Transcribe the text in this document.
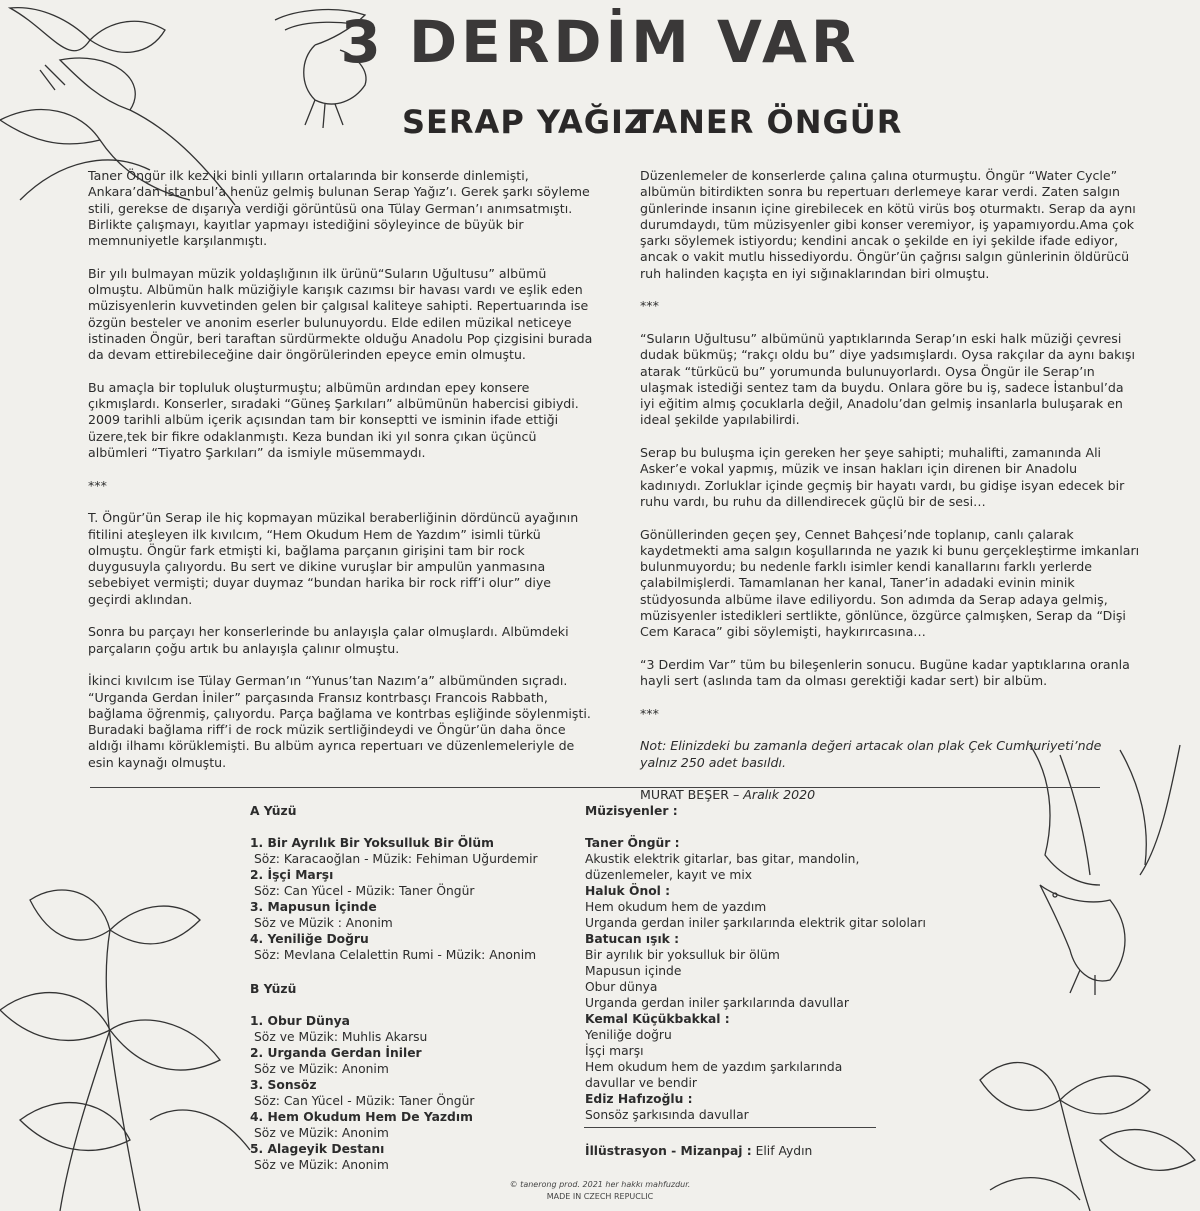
3 DERDİM VAR
SERAP YAĞIZ
TANER ÖNGÜR

Taner Öngür ilk kez iki binli yılların ortalarında bir konserde dinlemişti, Ankara’dan İstanbul’a henüz gelmiş bulunan Serap Yağız’ı. Gerek şarkı söyleme stili, gerekse de dışarıya verdiği görüntüsü ona Tülay German’ı anımsatmıştı. Birlikte çalışmayı, kayıtlar yapmayı istediğini söyleyince de büyük bir memnuniyetle karşılanmıştı.

Bir yılı bulmayan müzik yoldaşlığının ilk ürünü“Suların Uğultusu” albümü olmuştu. Albümün halk müziğiyle karışık cazımsı bir havası vardı ve eşlik eden müzisyenlerin kuvvetinden gelen bir çalgısal kaliteye sahipti. Repertuarında ise özgün besteler ve anonim eserler bulunuyordu. Elde edilen müzikal neticeye istinaden Öngür, beri taraftan sürdürmekte olduğu Anadolu Pop çizgisini burada da devam ettirebileceğine dair öngörülerinden epeyce emin olmuştu.

Bu amaçla bir topluluk oluşturmuştu; albümün ardından epey konsere çıkmışlardı. Konserler, sıradaki “Güneş Şarkıları” albümünün habercisi gibiydi. 2009 tarihli albüm içerik açısından tam bir konseptti ve isminin ifade ettiği üzere,tek bir fikre odaklanmıştı. Keza bundan iki yıl sonra çıkan üçüncü albümleri “Tiyatro Şarkıları” da ismiyle müsemmaydı.

***

T. Öngür’ün Serap ile hiç kopmayan müzikal beraberliğinin dördüncü ayağının fitilini ateşleyen ilk kıvılcım, “Hem Okudum Hem de Yazdım” isimli türkü olmuştu. Öngür fark etmişti ki, bağlama parçanın girişini tam bir rock duygusuyla çalıyordu. Bu sert ve dikine vuruşlar bir ampulün yanmasına sebebiyet vermişti; duyar duymaz “bundan harika bir rock riff’i olur” diye geçirdi aklından.

Sonra bu parçayı her konserlerinde bu anlayışla çalar olmuşlardı. Albümdeki parçaların çoğu artık bu anlayışla çalınır olmuştu.

İkinci kıvılcım ise Tülay German’ın “Yunus’tan Nazım’a” albümünden sıçradı. “Urganda Gerdan İniler” parçasında Fransız kontrbasçı Francois Rabbath, bağlama öğrenmiş, çalıyordu. Parça bağlama ve kontrbas eşliğinde söylenmişti. Buradaki bağlama riff’i de rock müzik sertliğindeydi ve Öngür’ün daha önce aldığı ilhamı körüklemişti. Bu albüm ayrıca repertuarı ve düzenlemeleriyle de esin kaynağı olmuştu.

Düzenlemeler de konserlerde çalına çalına oturmuştu. Öngür “Water Cycle” albümün bitirdikten sonra bu repertuarı derlemeye karar verdi. Zaten salgın günlerinde insanın içine girebilecek en kötü virüs boş oturmaktı. Serap da aynı durumdaydı, tüm müzisyenler gibi konser veremiyor, iş yapamıyordu.Ama çok şarkı söylemek istiyordu; kendini ancak o şekilde en iyi şekilde ifade ediyor, ancak o vakit mutlu hissediyordu. Öngür’ün çağrısı salgın günlerinin öldürücü ruh halinden kaçışta en iyi sığınaklarından biri olmuştu.

***

“Suların Uğultusu” albümünü yaptıklarında Serap’ın eski halk müziği çevresi dudak bükmüş; “rakçı oldu bu” diye yadsımışlardı. Oysa rakçılar da aynı bakışı atarak “türkücü bu” yorumunda bulunuyorlardı. Oysa Öngür ile Serap’ın ulaşmak istediği sentez tam da buydu. Onlara göre bu iş, sadece İstanbul’da iyi eğitim almış çocuklarla değil, Anadolu’dan gelmiş insanlarla buluşarak en ideal şekilde yapılabilirdi.

Serap bu buluşma için gereken her şeye sahipti; muhalifti, zamanında Ali Asker’e vokal yapmış, müzik ve insan hakları için direnen bir Anadolu kadınıydı. Zorluklar içinde geçmiş bir hayatı vardı, bu gidişe isyan edecek bir ruhu vardı, bu ruhu da dillendirecek güçlü bir de sesi…

Gönüllerinden geçen şey, Cennet Bahçesi’nde toplanıp, canlı çalarak kaydetmekti ama salgın koşullarında ne yazık ki bunu gerçekleştirme imkanları bulunmuyordu; bu nedenle farklı isimler kendi kanallarını farklı yerlerde çalabilmişlerdi. Tamamlanan her kanal, Taner’in adadaki evinin minik stüdyosunda albüme ilave ediliyordu. Son adımda da Serap adaya gelmiş, müzisyenler istedikleri sertlikte, gönlünce, özgürce çalmışken, Serap da “Dişi Cem Karaca” gibi söylemişti, haykırırcasına…

“3 Derdim Var” tüm bu bileşenlerin sonucu. Bugüne kadar yaptıklarına oranla hayli sert (aslında tam da olması gerektiği kadar sert) bir albüm.

***

Not: Elinizdeki bu zamanla değeri artacak olan plak Çek Cumhuriyeti’nde yalnız 250 adet basıldı.

MURAT BEŞER – Aralık 2020

A Yüzü
1. Bir Ayrılık Bir Yoksulluk Bir Ölüm
Söz: Karacaoğlan - Müzik: Fehiman Uğurdemir
2. İşçi Marşı
Söz: Can Yücel - Müzik: Taner Öngür
3. Mapusun İçinde
Söz ve Müzik : Anonim
4. Yeniliğe Doğru
Söz: Mevlana Celalettin Rumi - Müzik: Anonim
B Yüzü
1. Obur Dünya
Söz ve Müzik: Muhlis Akarsu
2. Urganda Gerdan İniler
Söz ve Müzik: Anonim
3. Sonsöz
Söz: Can Yücel - Müzik: Taner Öngür
4. Hem Okudum Hem De Yazdım
Söz ve Müzik: Anonim
5. Alageyik Destanı
Söz ve Müzik: Anonim
Müzisyenler :
Taner Öngür :
Akustik elektrik gitarlar, bas gitar, mandolin,
düzenlemeler, kayıt ve mix
Haluk Önol :
Hem okudum hem de yazdım
Urganda gerdan iniler şarkılarında elektrik gitar soloları
Batucan ışık :
Bir ayrılık bir yoksulluk bir ölüm
Mapusun içinde
Obur dünya
Urganda gerdan iniler şarkılarında davullar
Kemal Küçükbakkal :
Yeniliğe doğru
İşçi marşı
Hem okudum hem de yazdım şarkılarında
davullar ve bendir
Ediz Hafızoğlu :
Sonsöz şarkısında davullar
İllüstrasyon - Mizanpaj : Elif Aydın
© tanerong prod. 2021 her hakkı mahfuzdur.
MADE IN CZECH REPUCLIC
